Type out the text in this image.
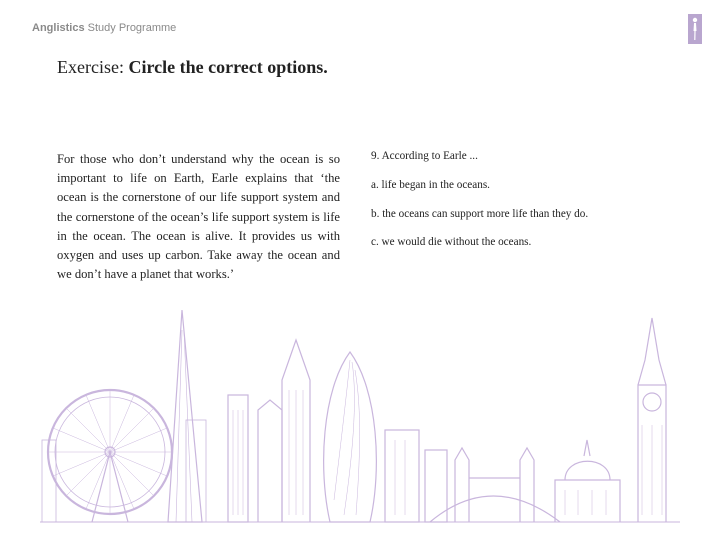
Anglistics Study Programme
Exercise: Circle the correct options.

For those who don’t understand why the ocean is so important to life on Earth, Earle explains that ‘the ocean is the cornerstone of our life support system and the cornerstone of the ocean’s life support system is life in the ocean. The ocean is alive. It provides us with oxygen and uses up carbon. Take away the ocean and we don’t have a planet that works.’

9. According to Earle ...

a. life began in the oceans.

b. the oceans can support more life than they do.

c. we would die without the oceans.
